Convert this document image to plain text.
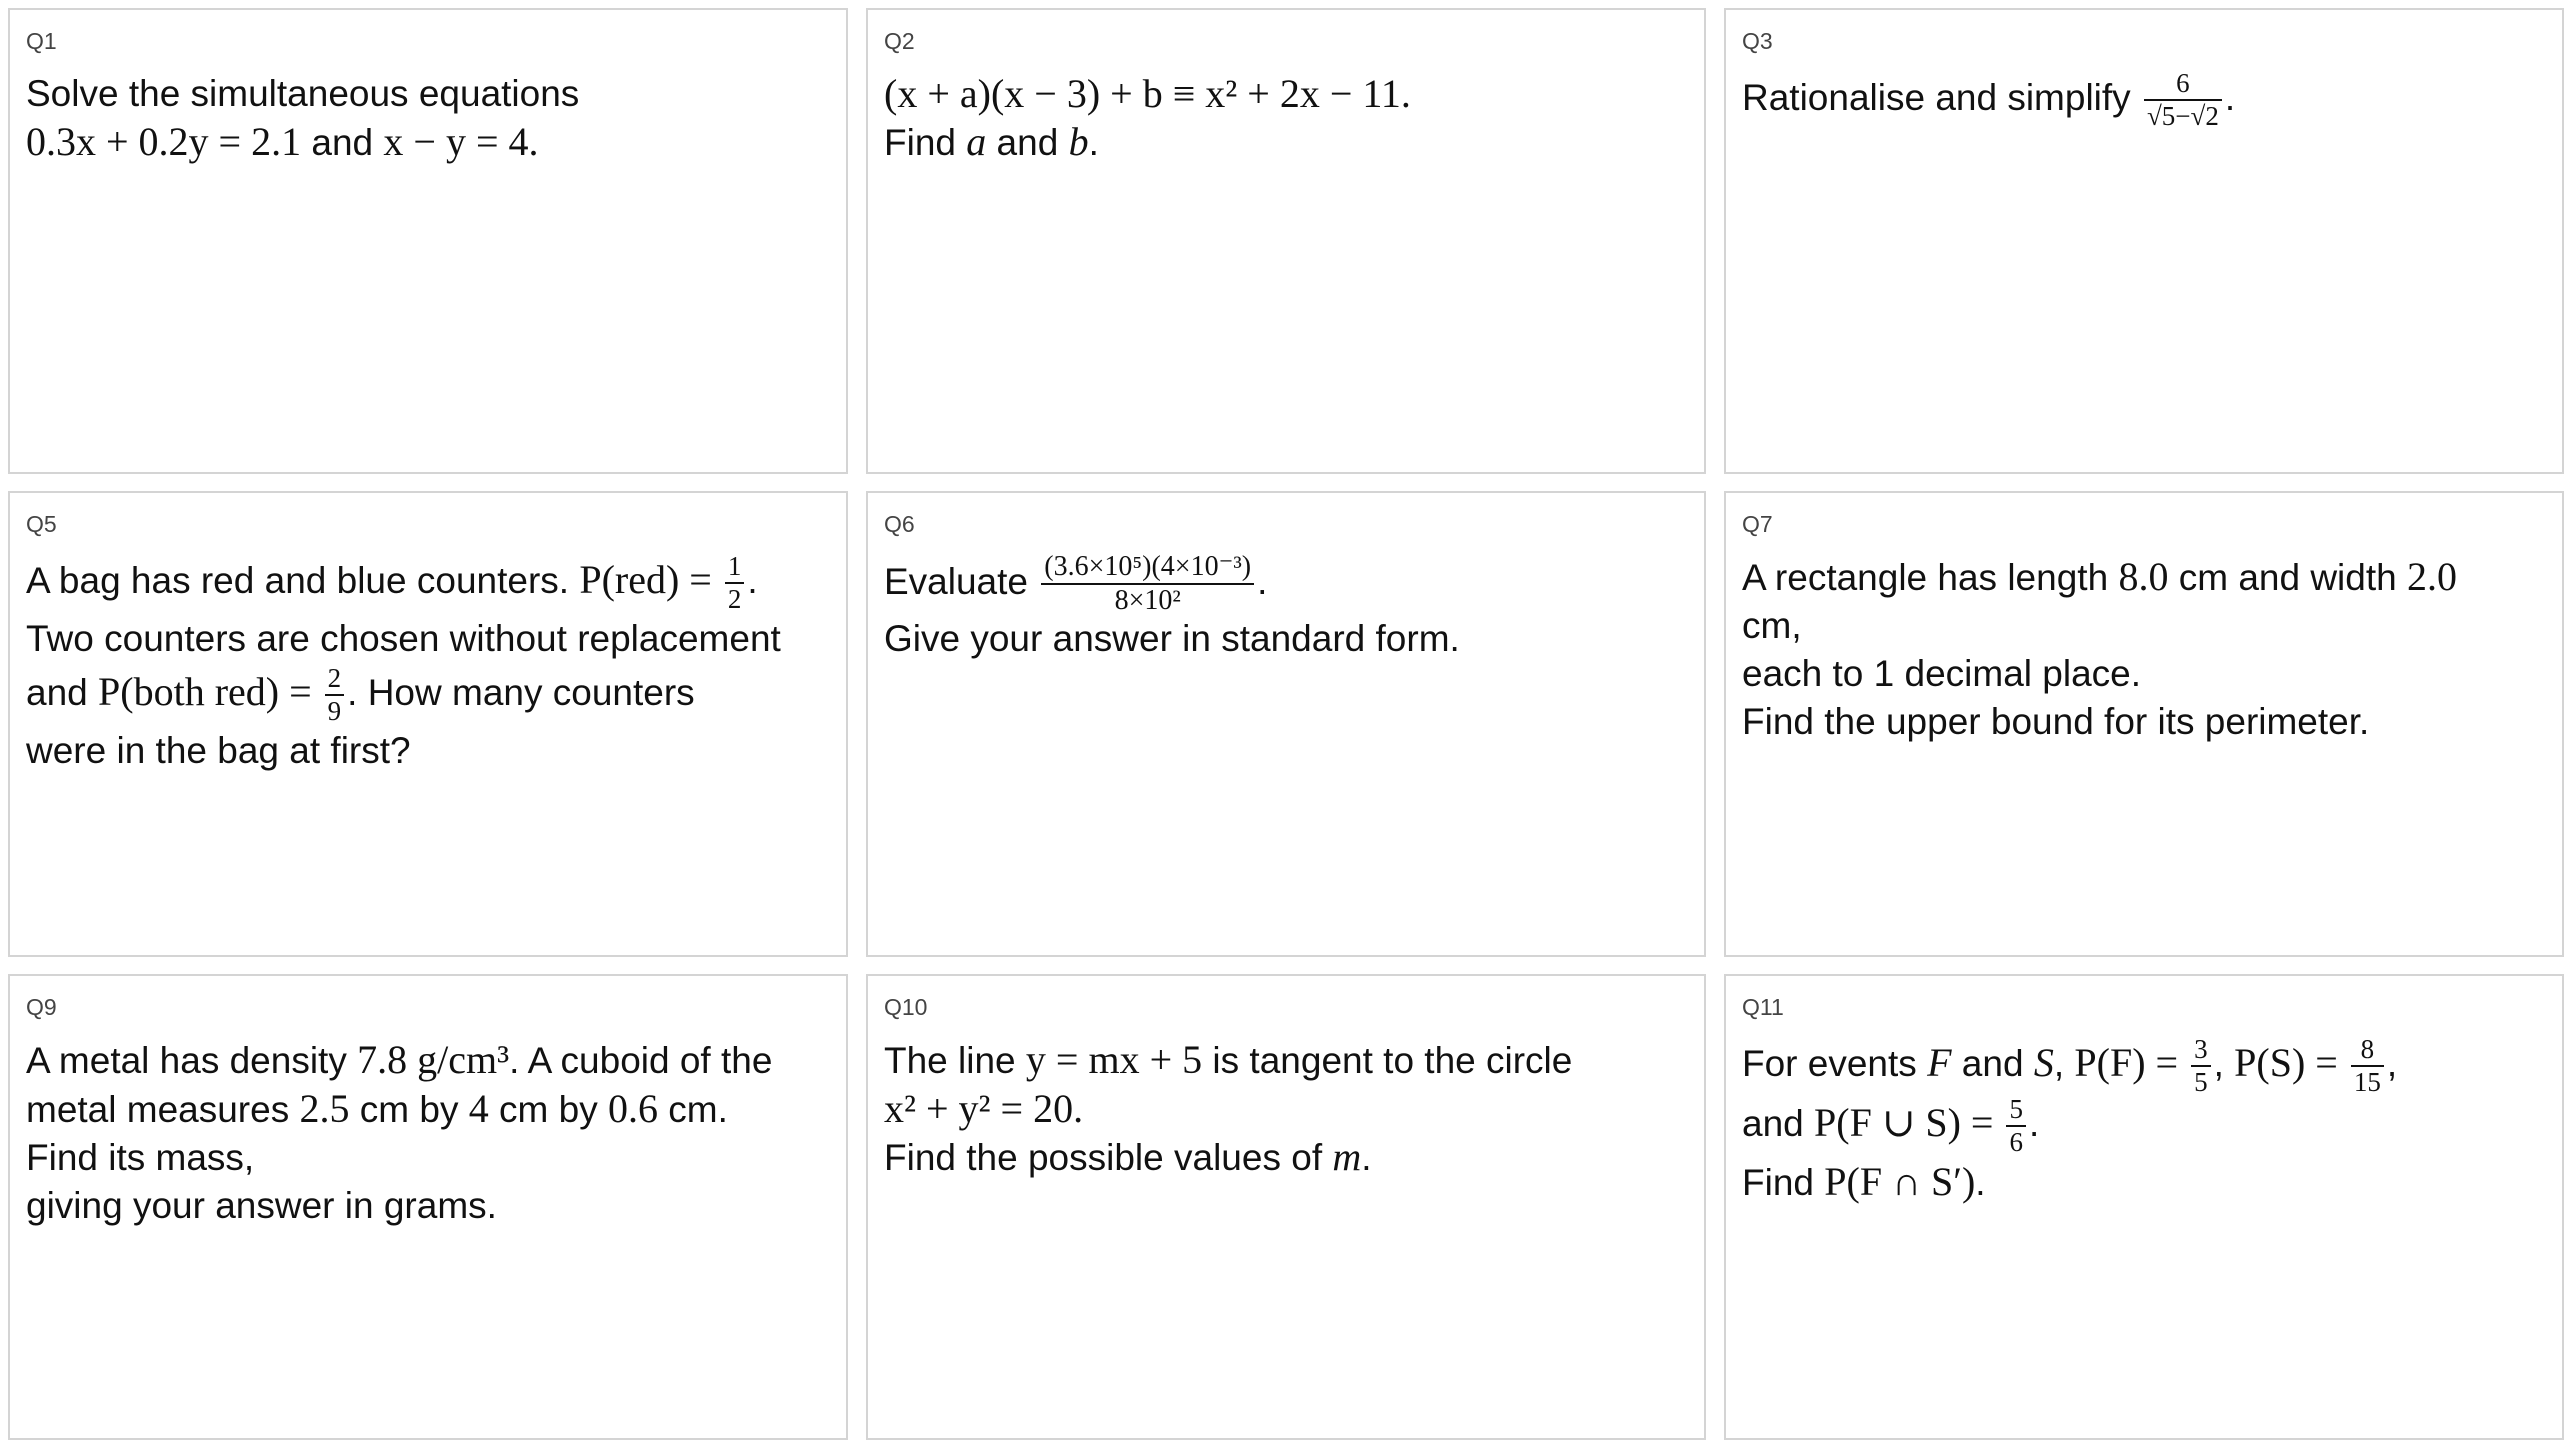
Q1
Solve the simultaneous equations
0.3x + 0.2y = 2.1 and x − y = 4.
Q2
(x + a)(x − 3) + b ≡ x² + 2x − 11.
Find a and b.
Q3
Rationalise and simplify $\frac{6}{√5-√2}$ .
Q5
A bag has red and blue counters. $P(red) = \frac{1}{2}$ .
Two counters are chosen without replacement
and P(both $red) = \frac{2}{9}$ . How many counters
were in the bag at first?
Q6
Evaluate $\frac{\text{(3.6×10⁵)(4×10⁻³)}}{\text{8×10²}}$ .
Give your answer in standard form.
Q7
A rectangle has length 8.0 cm and width 2.0
cm,
each to 1 decimal place.
Find the upper bound for its perimeter.
Q9
A metal has density 7.8 g/cm³. A cuboid of the
metal measures 2.5 cm by 4 cm by 0.6 cm.
Find its mass,
giving your answer in grams.
Q10
The line y = mx + 5 is tangent to the circle
x² + y² = 20.
Find the possible values of m.
Q11
For events F and S, $P(F) = \frac{3}{5}$ , $P(S) = \frac{8}{15}$ ,
and P(F ∪ $S) = \frac{5}{6}$ .
Find P(F ∩ S′).
